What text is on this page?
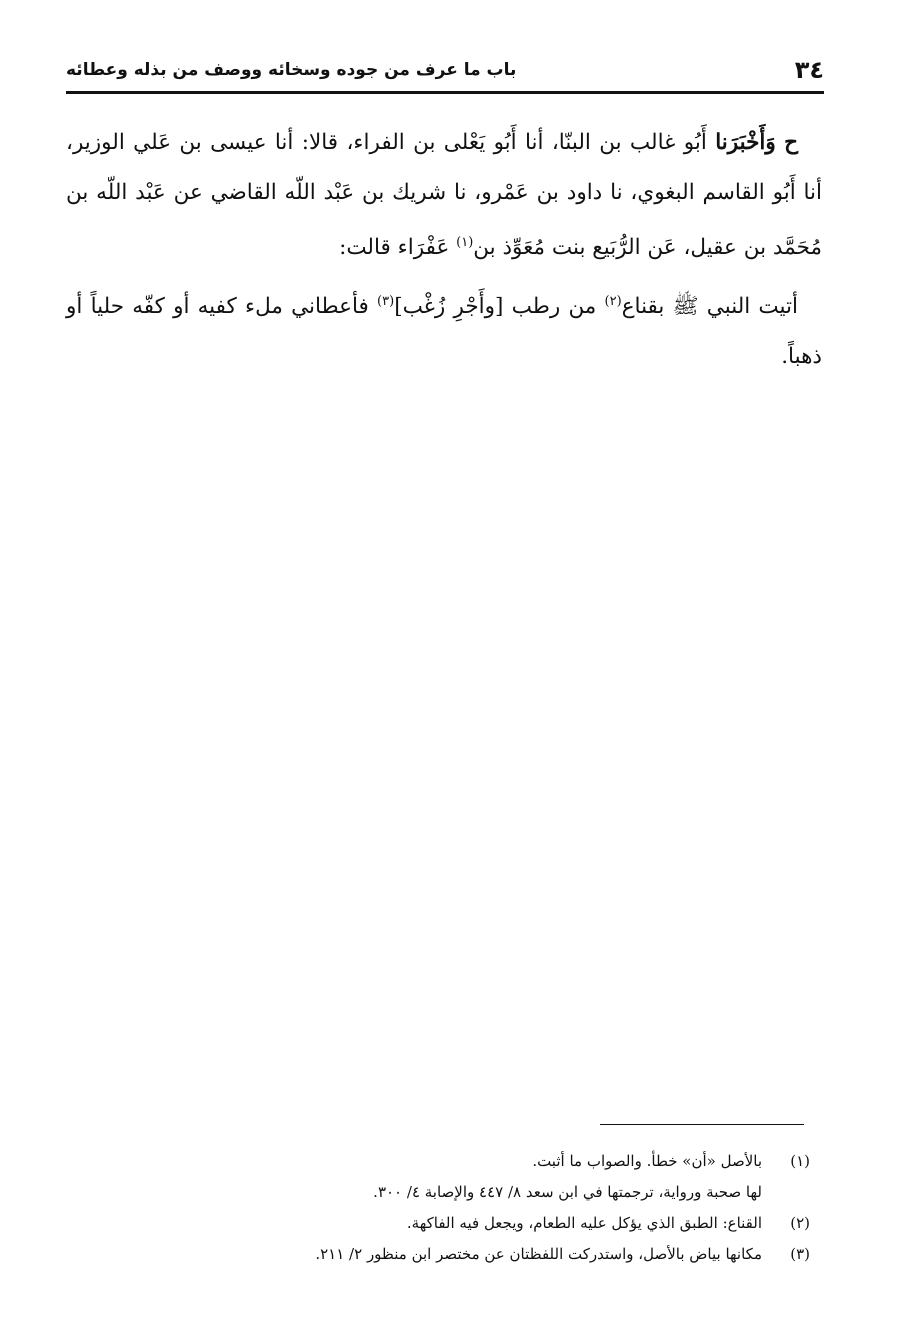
٣٤
باب ما عرف من جوده وسخائه ووصف من بذله وعطائه

ح وَأَخْبَرَنا أَبُو غالب بن البنّا، أنا أَبُو يَعْلى بن الفراء، قالا: أنا عيسى بن عَلي الوزير، أنا أَبُو القاسم البغوي، نا داود بن عَمْرو، نا شريك بن عَبْد اللّه القاضي عن عَبْد اللّه بن مُحَمَّد بن عقيل، عَن الرُّبَيع بنت مُعَوِّذ بن$^{(١)}$ عَفْرَاء قالت:

أتيت النبي ﷺ بقناع$^{(٢)}$ من رطب [وأَجْرِ زُغْب]$^{(٣)}$ فأعطاني ملء كفيه أو كفّه حلياً أو ذهباً.

(١)
بالأصل «أن» خطأ. والصواب ما أثبت.
لها صحبة ورواية، ترجمتها في ابن سعد ٨/ ٤٤٧ والإصابة ٤/ ٣٠٠.
(٢)
القناع: الطبق الذي يؤكل عليه الطعام، ويجعل فيه الفاكهة.
(٣)
مكانها بياض بالأصل، واستدركت اللفظتان عن مختصر ابن منظور ٢/ ٢١١.
